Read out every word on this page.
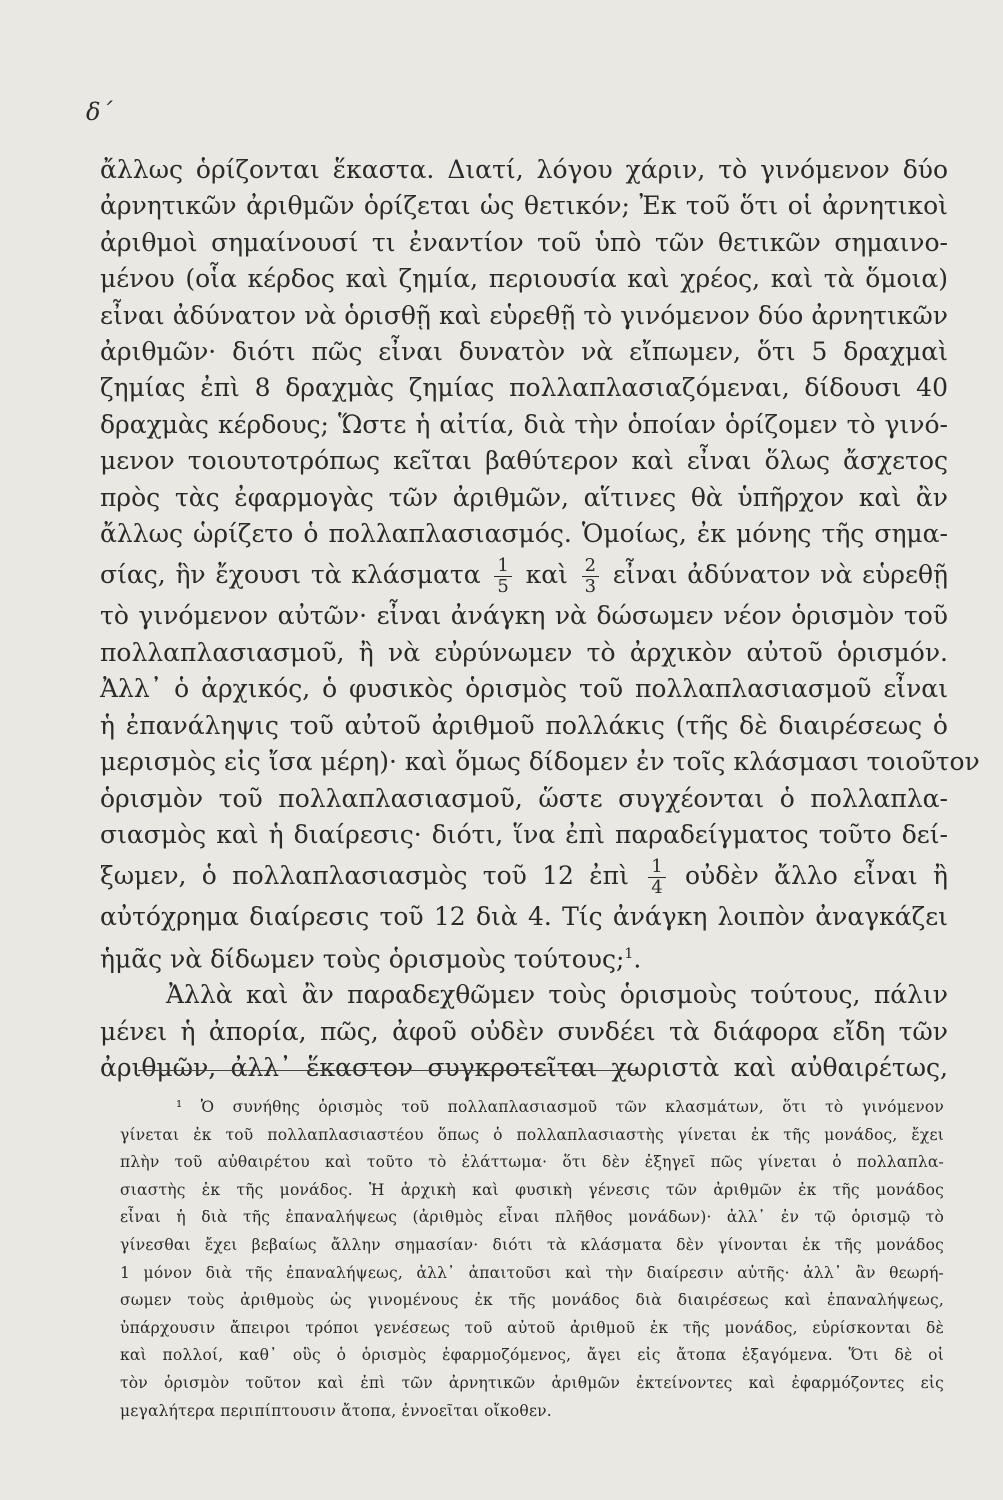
δ΄
ἄλλως ὁρίζονται ἕκαστα. Διατί, λόγου χάριν, τὸ γινόμενον δύο
ἀρνητικῶν ἀριθμῶν ὁρίζεται ὡς θετικόν; Ἐκ τοῦ ὅτι οἱ ἀρνητικοὶ
ἀριθμοὶ σημαίνουσί τι ἐναντίον τοῦ ὑπὸ τῶν θετικῶν σημαινο-
μένου (οἷα κέρδος καὶ ζημία, περιουσία καὶ χρέος, καὶ τὰ ὅμοια)
εἶναι ἀδύνατον νὰ ὁρισθῇ καὶ εὑρεθῇ τὸ γινόμενον δύο ἀρνητικῶν
ἀριθμῶν· διότι πῶς εἶναι δυνατὸν νὰ εἴπωμεν, ὅτι 5 δραχμαὶ
ζημίας ἐπὶ 8 δραχμὰς ζημίας πολλαπλασιαζόμεναι, δίδουσι 40
δραχμὰς κέρδους; Ὥστε ἡ αἰτία, διὰ τὴν ὁποίαν ὁρίζομεν τὸ γινό-
μενον τοιουτοτρόπως κεῖται βαθύτερον καὶ εἶναι ὅλως ἄσχετος
πρὸς τὰς ἐφαρμογὰς τῶν ἀριθμῶν, αἵτινες θὰ ὑπῆρχον καὶ ἂν
ἄλλως ὡρίζετο ὁ πολλαπλασιασμός. Ὁμοίως, ἐκ μόνης τῆς σημα-
σίας, ἣν ἔχουσι τὰ κλάσματα $\frac{1}{5}$ καὶ $\frac{2}{3}$ εἶναι ἀδύνατον νὰ εὑρεθῇ
τὸ γινόμενον αὐτῶν· εἶναι ἀνάγκη νὰ δώσωμεν νέον ὁρισμὸν τοῦ
πολλαπλασιασμοῦ, ἢ νὰ εὐρύνωμεν τὸ ἀρχικὸν αὐτοῦ ὁρισμόν.
Ἀλλ᾽ ὁ ἀρχικός, ὁ φυσικὸς ὁρισμὸς τοῦ πολλαπλασιασμοῦ εἶναι
ἡ ἐπανάληψις τοῦ αὐτοῦ ἀριθμοῦ πολλάκις (τῆς δὲ διαιρέσεως ὁ
μερισμὸς εἰς ἴσα μέρη)· καὶ ὅμως δίδομεν ἐν τοῖς κλάσμασι τοιοῦτον
ὁρισμὸν τοῦ πολλαπλασιασμοῦ, ὥστε συγχέονται ὁ πολλαπλα-
σιασμὸς καὶ ἡ διαίρεσις· διότι, ἵνα ἐπὶ παραδείγματος τοῦτο δεί-
ξωμεν, ὁ πολλαπλασιασμὸς τοῦ 12 ἐπὶ $\frac{1}{4}$ οὐδὲν ἄλλο εἶναι ἢ
αὐτόχρημα διαίρεσις τοῦ 12 διὰ 4. Τίς ἀνάγκη λοιπὸν ἀναγκάζει
ἡμᾶς νὰ δίδωμεν τοὺς ὁρισμοὺς τούτους;$^1$.
Ἀλλὰ καὶ ἂν παραδεχθῶμεν τοὺς ὁρισμοὺς τούτους, πάλιν
μένει ἡ ἀπορία, πῶς, ἀφοῦ οὐδὲν συνδέει τὰ διάφορα εἴδη τῶν
ἀριθμῶν, ἀλλ᾽ ἕκαστον συγκροτεῖται χωριστὰ καὶ αὐθαιρέτως,
¹ Ὁ συνήθης ὁρισμὸς τοῦ πολλαπλασιασμοῦ τῶν κλασμάτων, ὅτι τὸ γινόμενον
γίνεται ἐκ τοῦ πολλαπλασιαστέου ὅπως ὁ πολλαπλασιαστὴς γίνεται ἐκ τῆς μονάδος, ἔχει
πλὴν τοῦ αὐθαιρέτου καὶ τοῦτο τὸ ἐλάττωμα· ὅτι δὲν ἐξηγεῖ πῶς γίνεται ὁ πολλαπλα-
σιαστὴς ἐκ τῆς μονάδος. Ἡ ἀρχικὴ καὶ φυσικὴ γένεσις τῶν ἀριθμῶν ἐκ τῆς μονάδος
εἶναι ἡ διὰ τῆς ἐπαναλήψεως (ἀριθμὸς εἶναι πλῆθος μονάδων)· ἀλλ᾽ ἐν τῷ ὁρισμῷ τὸ
γίνεσθαι ἔχει βεβαίως ἄλλην σημασίαν· διότι τὰ κλάσματα δὲν γίνονται ἐκ τῆς μονάδος
1 μόνον διὰ τῆς ἐπαναλήψεως, ἀλλ᾽ ἀπαιτοῦσι καὶ τὴν διαίρεσιν αὐτῆς· ἀλλ᾽ ἂν θεωρή-
σωμεν τοὺς ἀριθμοὺς ὡς γινομένους ἐκ τῆς μονάδος διὰ διαιρέσεως καὶ ἐπαναλήψεως,
ὑπάρχουσιν ἄπειροι τρόποι γενέσεως τοῦ αὐτοῦ ἀριθμοῦ ἐκ τῆς μονάδος, εὑρίσκονται δὲ
καὶ πολλοί, καθ᾽ οὓς ὁ ὁρισμὸς ἐφαρμοζόμενος, ἄγει εἰς ἄτοπα ἐξαγόμενα. Ὅτι δὲ οἱ
τὸν ὁρισμὸν τοῦτον καὶ ἐπὶ τῶν ἀρνητικῶν ἀριθμῶν ἐκτείνοντες καὶ ἐφαρμόζοντες εἰς
μεγαλήτερα περιπίπτουσιν ἄτοπα, ἐννοεῖται οἴκοθεν.
